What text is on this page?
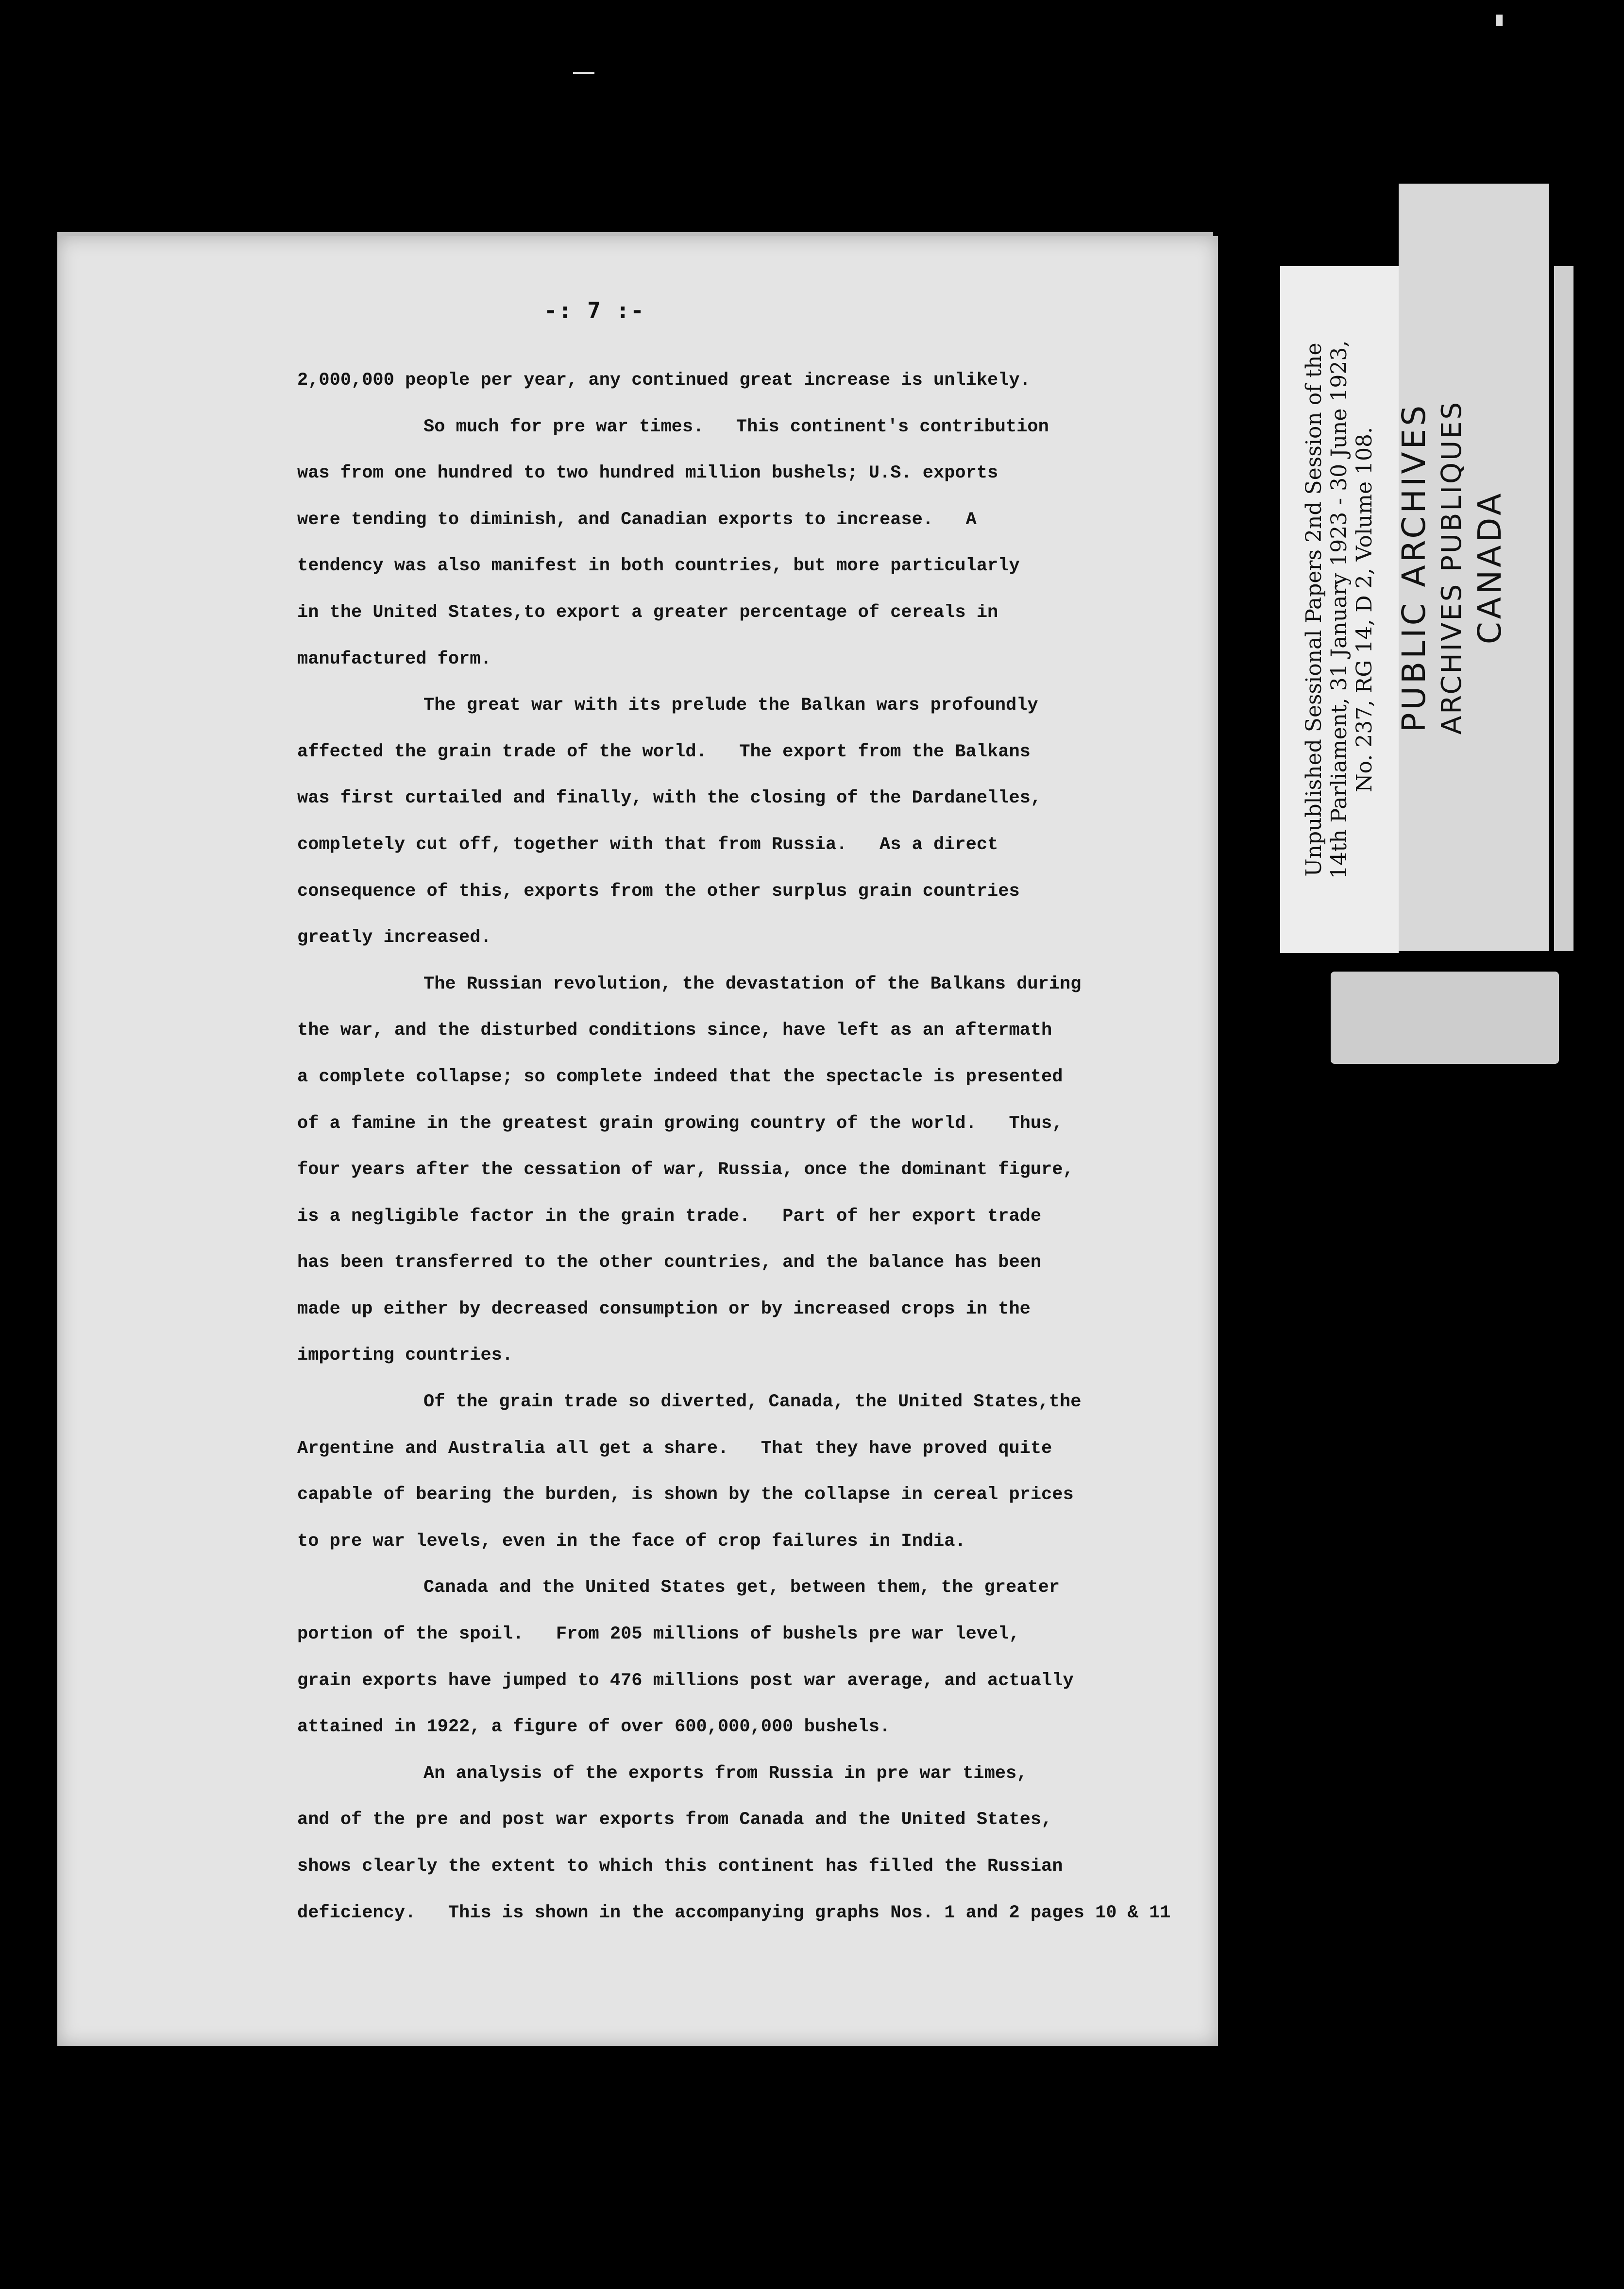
-: 7 :-

2,000,000 people per year, any continued great increase is unlikely.

So much for pre war times.   This continent's contribution

was from one hundred to two hundred million bushels; U.S. exports

were tending to diminish, and Canadian exports to increase.   A

tendency was also manifest in both countries, but more particularly

in the United States,to export a greater percentage of cereals in

manufactured form.

The great war with its prelude the Balkan wars profoundly

affected the grain trade of the world.   The export from the Balkans

was first curtailed and finally, with the closing of the Dardanelles,

completely cut off, together with that from Russia.   As a direct

consequence of this, exports from the other surplus grain countries

greatly increased.

The Russian revolution, the devastation of the Balkans during

the war, and the disturbed conditions since, have left as an aftermath

a complete collapse; so complete indeed that the spectacle is presented

of a famine in the greatest grain growing country of the world.   Thus,

four years after the cessation of war, Russia, once the dominant figure,

is a negligible factor in the grain trade.   Part of her export trade

has been transferred to the other countries, and the balance has been

made up either by decreased consumption or by increased crops in the

importing countries.

Of the grain trade so diverted, Canada, the United States,the

Argentine and Australia all get a share.   That they have proved quite

capable of bearing the burden, is shown by the collapse in cereal prices

to pre war levels, even in the face of crop failures in India.

Canada and the United States get, between them, the greater

portion of the spoil.   From 205 millions of bushels pre war level,

grain exports have jumped to 476 millions post war average, and actually

attained in 1922, a figure of over 600,000,000 bushels.

An analysis of the exports from Russia in pre war times,

and of the pre and post war exports from Canada and the United States,

shows clearly the extent to which this continent has filled the Russian

deficiency.   This is shown in the accompanying graphs Nos. 1 and 2 pages 10 & 11

Unpublished Sessional Papers 2nd Session of the 14th Parliament, 31 January 1923 - 30 June 1923, No. 237, RG 14, D 2, Volume 108. PUBLIC ARCHIVES ARCHIVES PUBLIQUES CANADA
